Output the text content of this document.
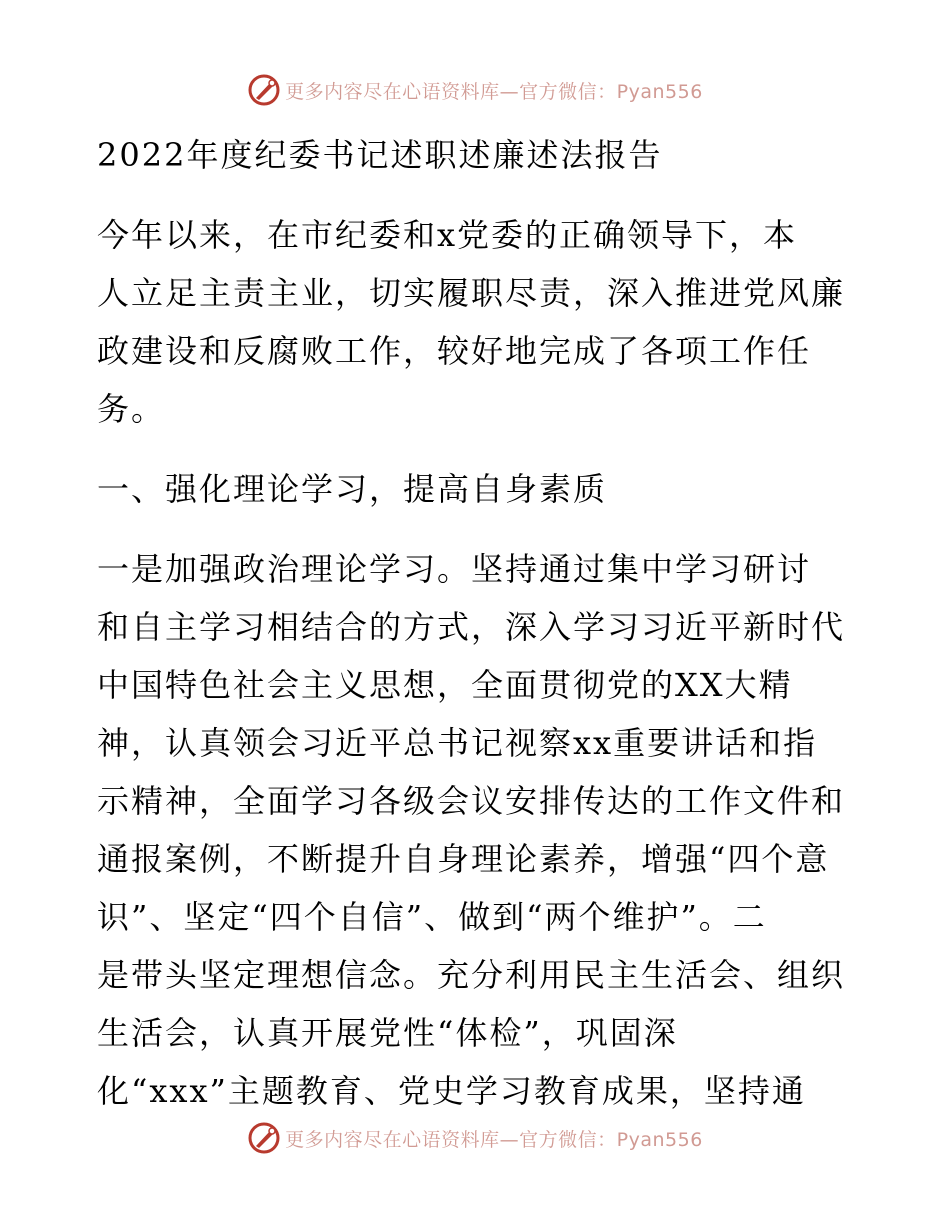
更多内容尽在心语资料库—官方微信：Pyan556
2022年度纪委书记述职述廉述法报告
今年以来，在市纪委和x党委的正确领导下，本
人立足主责主业，切实履职尽责，深入推进党风廉
政建设和反腐败工作，较好地完成了各项工作任
务。
一、强化理论学习，提高自身素质
一是加强政治理论学习。坚持通过集中学习研讨
和自主学习相结合的方式，深入学习习近平新时代
中国特色社会主义思想，全面贯彻党的XX大精
神，认真领会习近平总书记视察xx重要讲话和指
示精神，全面学习各级会议安排传达的工作文件和
通报案例，不断提升自身理论素养，增强“四个意
识”、坚定“四个自信”、做到“两个维护”。二
是带头坚定理想信念。充分利用民主生活会、组织
生活会，认真开展党性“体检”，巩固深
化“xxx”主题教育、党史学习教育成果，坚持通
更多内容尽在心语资料库—官方微信：Pyan556
